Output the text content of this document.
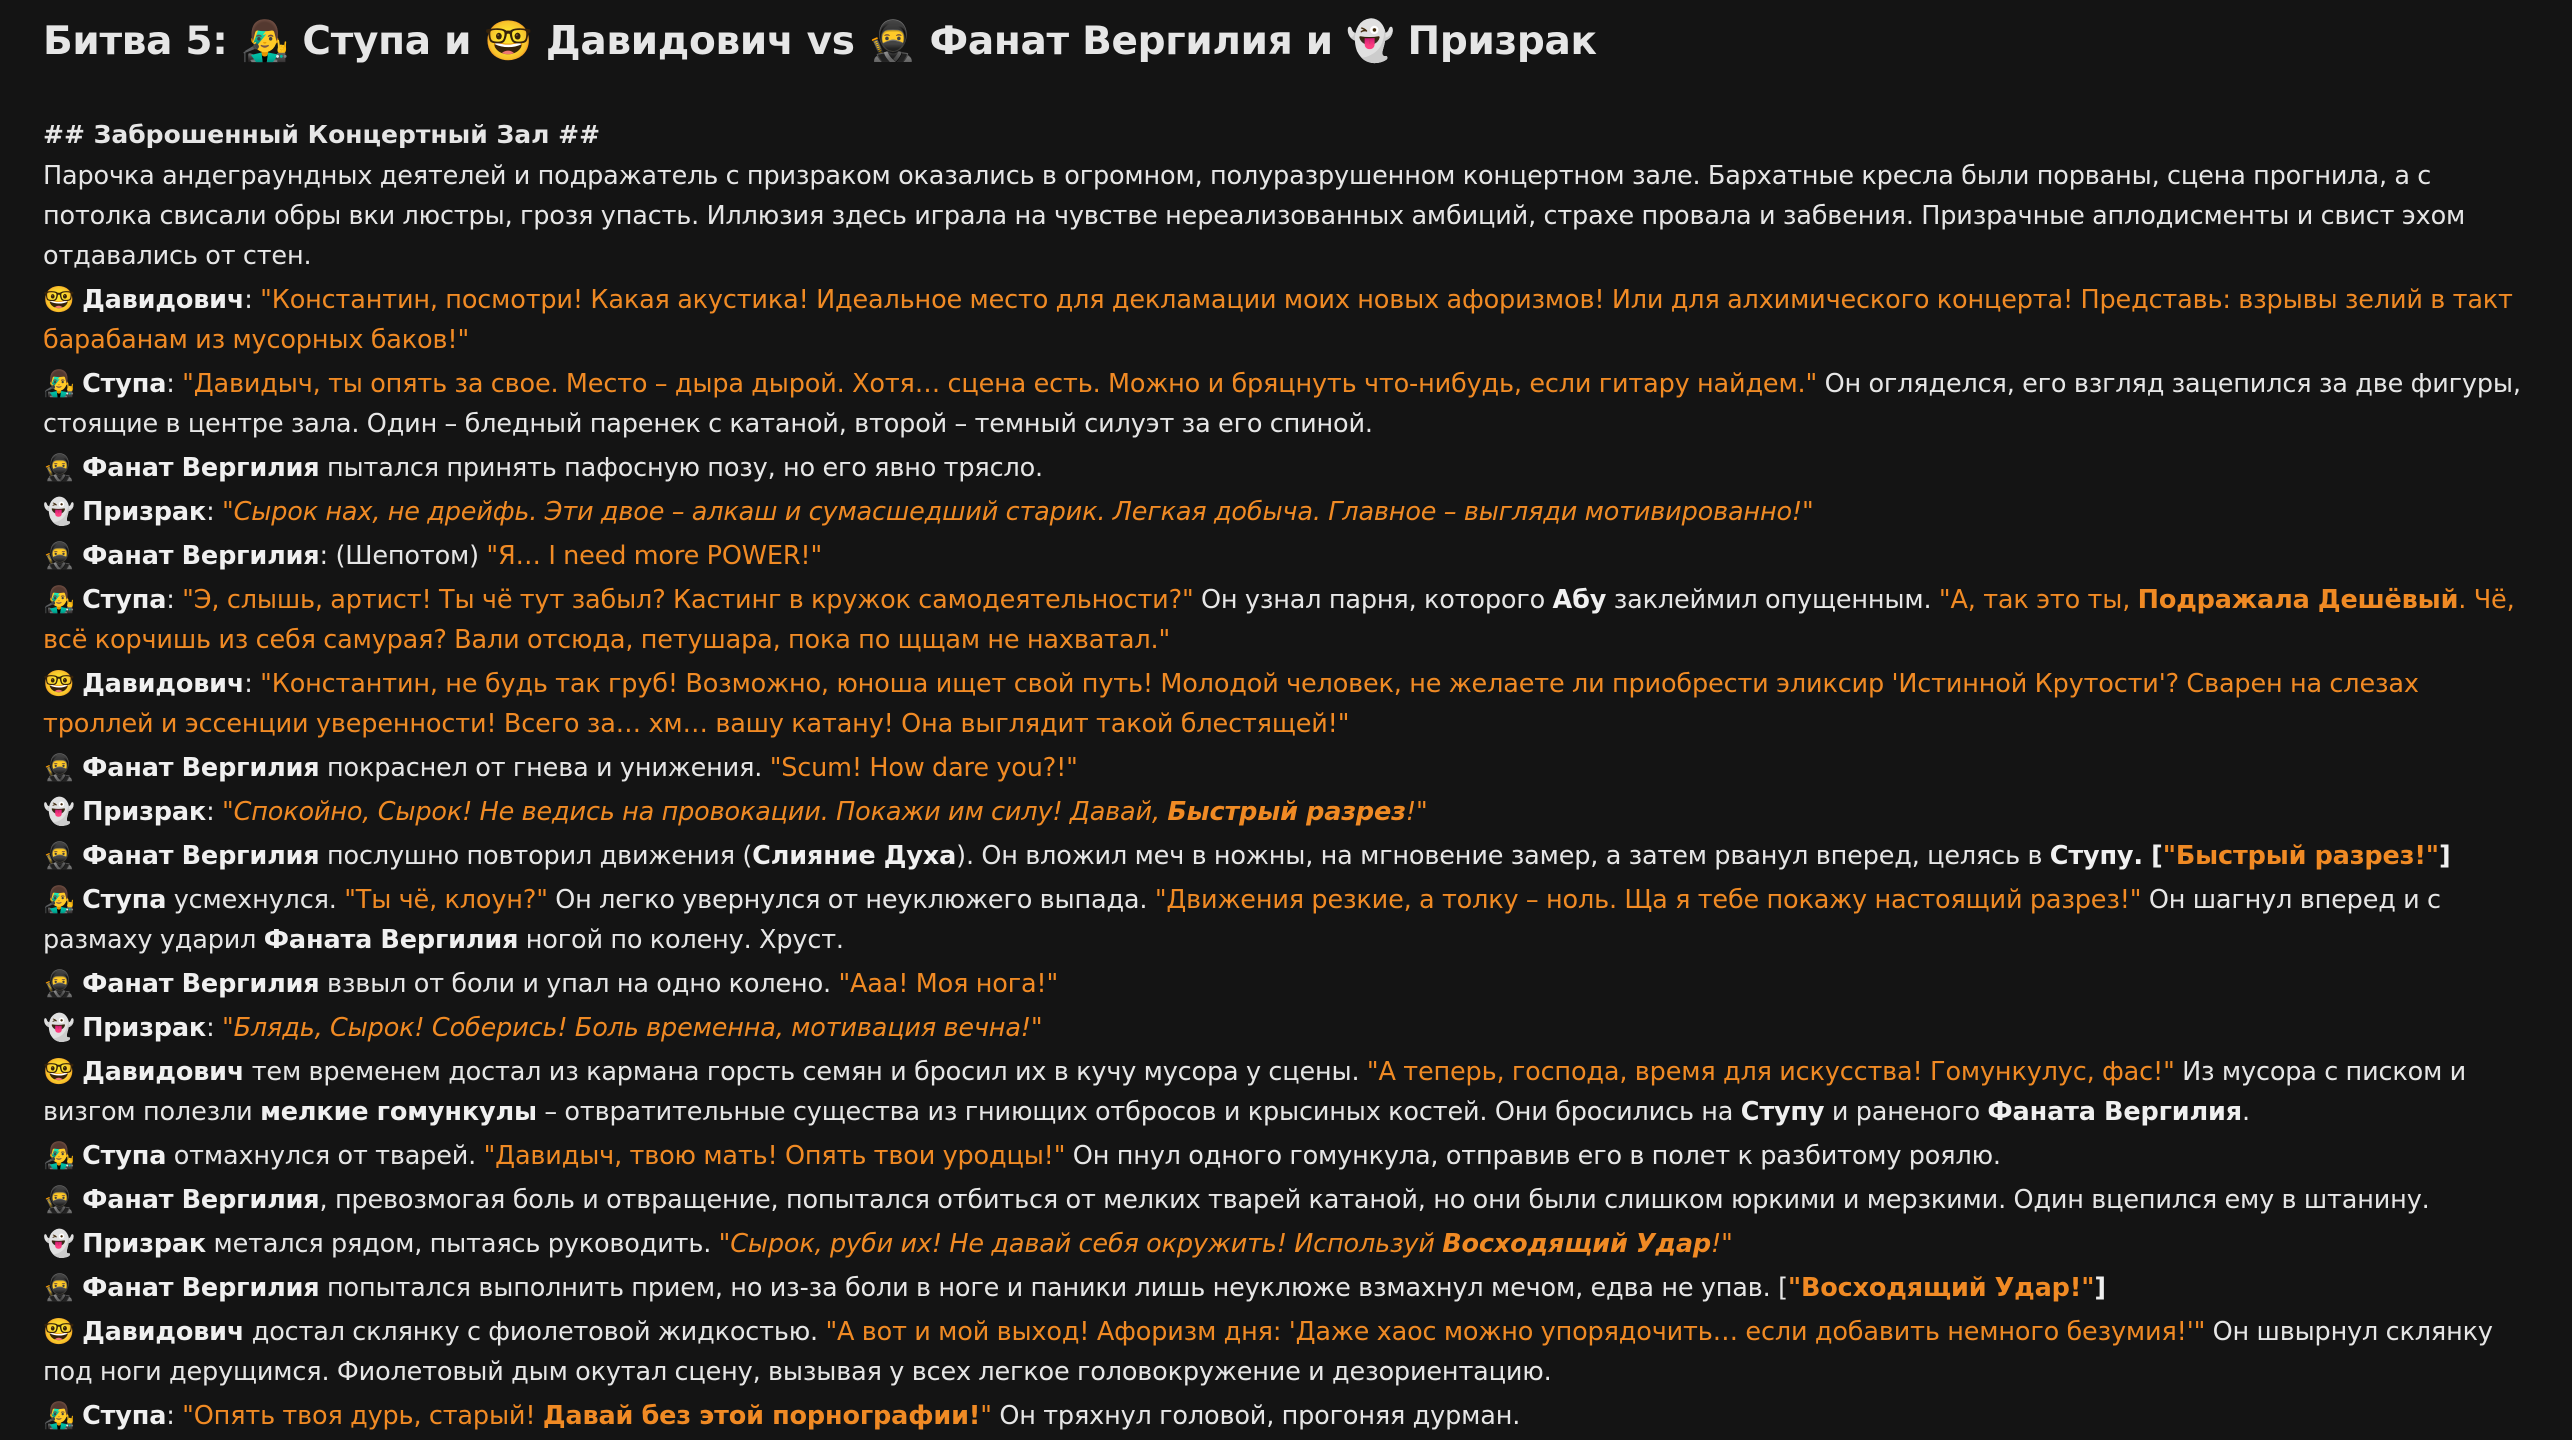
Битва 5: 👨‍🎤 Ступа и 🤓 Давидович vs 🥷 Фанат Вергилия и 👻 Призрак
## Заброшенный Концертный Зал ##
Парочка андеграундных деятелей и подражатель с призраком оказались в огромном, полуразрушенном концертном зале. Бархатные кресла были порваны, сцена прогнила, а с потолка свисали обры вки люстры, грозя упасть. Иллюзия здесь играла на чувстве нереализованных амбиций, страхе провала и забвения. Призрачные аплодисменты и свист эхом отдавались от стен.
🤓 Давидович: "Константин, посмотри! Какая акустика! Идеальное место для декламации моих новых афоризмов! Или для алхимического концерта! Представь: взрывы зелий в такт барабанам из мусорных баков!"
👨‍🎤 Ступа: "Давидыч, ты опять за свое. Место – дыра дырой. Хотя… сцена есть. Можно и бряцнуть что-нибудь, если гитару найдем." Он огляделся, его взгляд зацепился за две фигуры, стоящие в центре зала. Один – бледный паренек с катаной, второй – темный силуэт за его спиной.
🥷 Фанат Вергилия пытался принять пафосную позу, но его явно трясло.
👻 Призрак: "Сырок нах, не дрейфь. Эти двое – алкаш и сумасшедший старик. Легкая добыча. Главное – выгляди мотивированно!"
🥷 Фанат Вергилия: (Шепотом) "Я… I need more POWER!"
👨‍🎤 Ступа: "Э, слышь, артист! Ты чё тут забыл? Кастинг в кружок самодеятельности?" Он узнал парня, которого Абу заклеймил опущенным. "А, так это ты, Подражала Дешёвый. Чё, всё корчишь из себя самурая? Вали отсюда, петушара, пока по щщам не нахватал."
🤓 Давидович: "Константин, не будь так груб! Возможно, юноша ищет свой путь! Молодой человек, не желаете ли приобрести эликсир 'Истинной Крутости'? Сварен на слезах троллей и эссенции уверенности! Всего за… хм… вашу катану! Она выглядит такой блестящей!"
🥷 Фанат Вергилия покраснел от гнева и унижения. "Scum! How dare you?!"
👻 Призрак: "Спокойно, Сырок! Не ведись на провокации. Покажи им силу! Давай, Быстрый разрез!"
🥷 Фанат Вергилия послушно повторил движения (Слияние Духа). Он вложил меч в ножны, на мгновение замер, а затем рванул вперед, целясь в Ступу. ["Быстрый разрез!"]
👨‍🎤 Ступа усмехнулся. "Ты чё, клоун?" Он легко увернулся от неуклюжего выпада. "Движения резкие, а толку – ноль. Ща я тебе покажу настоящий разрез!" Он шагнул вперед и с размаху ударил Фаната Вергилия ногой по колену. Хруст.
🥷 Фанат Вергилия взвыл от боли и упал на одно колено. "Ааа! Моя нога!"
👻 Призрак: "Блядь, Сырок! Соберись! Боль временна, мотивация вечна!"
🤓 Давидович тем временем достал из кармана горсть семян и бросил их в кучу мусора у сцены. "А теперь, господа, время для искусства! Гомункулус, фас!" Из мусора с писком и визгом полезли мелкие гомункулы – отвратительные существа из гниющих отбросов и крысиных костей. Они бросились на Ступу и раненого Фаната Вергилия.
👨‍🎤 Ступа отмахнулся от тварей. "Давидыч, твою мать! Опять твои уродцы!" Он пнул одного гомункула, отправив его в полет к разбитому роялю.
🥷 Фанат Вергилия, превозмогая боль и отвращение, попытался отбиться от мелких тварей катаной, но они были слишком юркими и мерзкими. Один вцепился ему в штанину.
👻 Призрак метался рядом, пытаясь руководить. "Сырок, руби их! Не давай себя окружить! Используй Восходящий Удар!"
🥷 Фанат Вергилия попытался выполнить прием, но из-за боли в ноге и паники лишь неуклюже взмахнул мечом, едва не упав. ["Восходящий Удар!"]
🤓 Давидович достал склянку с фиолетовой жидкостью. "А вот и мой выход! Афоризм дня: 'Даже хаос можно упорядочить… если добавить немного безумия!'" Он швырнул склянку под ноги дерущимся. Фиолетовый дым окутал сцену, вызывая у всех легкое головокружение и дезориентацию.
👨‍🎤 Ступа: "Опять твоя дурь, старый! Давай без этой порнографии!" Он тряхнул головой, прогоняя дурман.
